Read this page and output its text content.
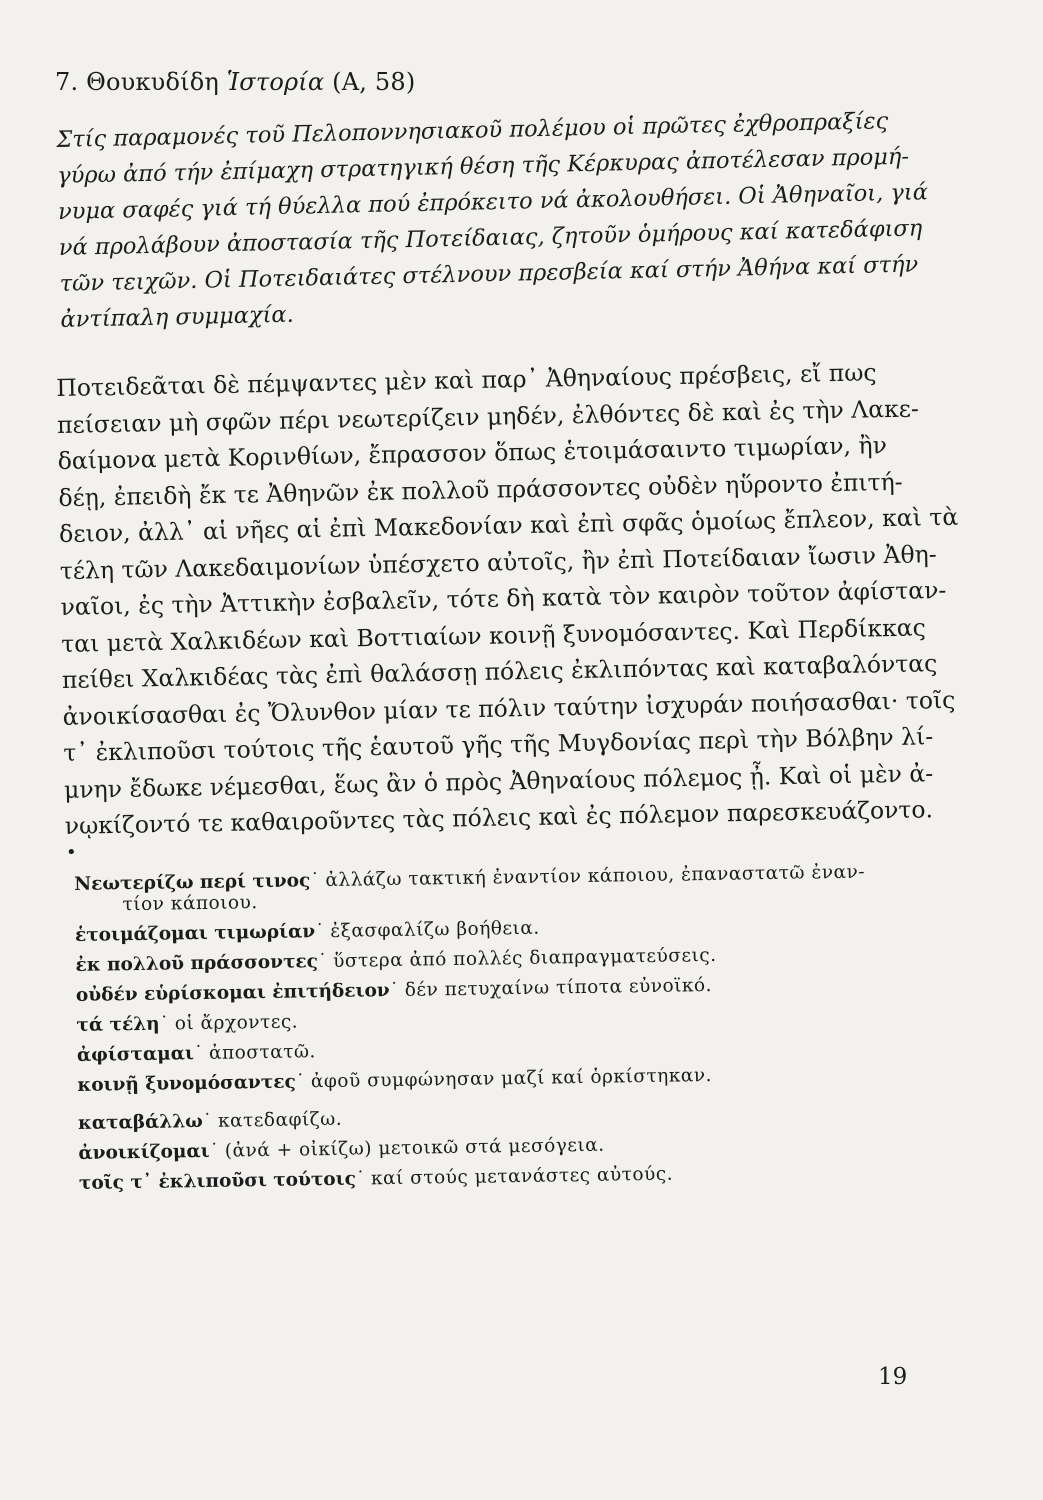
7. Θουκυδίδη Ἱστορία (Α, 58)
Στίς παραμονές τοῦ Πελοποννησιακοῦ πολέμου οἱ πρῶτες ἐχθροπραξίες
γύρω ἀπό τήν ἐπίμαχη στρατηγική θέση τῆς Κέρκυρας ἀποτέλεσαν προμή-
νυμα σαφές γιά τή θύελλα πού ἐπρόκειτο νά ἀκολουθήσει. Οἱ Ἀθηναῖοι, γιά
νά προλάβουν ἀποστασία τῆς Ποτείδαιας, ζητοῦν ὁμήρους καί κατεδάφιση
τῶν τειχῶν. Οἱ Ποτειδαιάτες στέλνουν πρεσβεία καί στήν Ἀθήνα καί στήν
ἀντίπαλη συμμαχία.
Ποτειδεᾶται δὲ πέμψαντες μὲν καὶ παρ᾽ Ἀθηναίους πρέσβεις, εἴ πως
πείσειαν μὴ σφῶν πέρι νεωτερίζειν μηδέν, ἐλθόντες δὲ καὶ ἐς τὴν Λακε-
δαίμονα μετὰ Κορινθίων, ἔπρασσον ὅπως ἑτοιμάσαιντο τιμωρίαν, ἢν
δέῃ, ἐπειδὴ ἔκ τε Ἀθηνῶν ἐκ πολλοῦ πράσσοντες οὐδὲν ηὕροντο ἐπιτή-
δειον, ἀλλ᾽ αἱ νῆες αἱ ἐπὶ Μακεδονίαν καὶ ἐπὶ σφᾶς ὁμοίως ἔπλεον, καὶ τὰ
τέλη τῶν Λακεδαιμονίων ὑπέσχετο αὐτοῖς, ἢν ἐπὶ Ποτείδαιαν ἴωσιν Ἀθη-
ναῖοι, ἐς τὴν Ἀττικὴν ἐσβαλεῖν, τότε δὴ κατὰ τὸν καιρὸν τοῦτον ἀφίσταν-
ται μετὰ Χαλκιδέων καὶ Βοττιαίων κοινῇ ξυνομόσαντες. Καὶ Περδίκκας
πείθει Χαλκιδέας τὰς ἐπὶ θαλάσσῃ πόλεις ἐκλιπόντας καὶ καταβαλόντας
ἀνοικίσασθαι ἐς Ὄλυνθον μίαν τε πόλιν ταύτην ἰσχυράν ποιήσασθαι· τοῖς
τ᾽ ἐκλιποῦσι τούτοις τῆς ἑαυτοῦ γῆς τῆς Μυγδονίας περὶ τὴν Βόλβην λί-
μνην ἔδωκε νέμεσθαι, ἕως ἂν ὁ πρὸς Ἀθηναίους πόλεμος ᾖ. Καὶ οἱ μὲν ἀ-
νῳκίζοντό τε καθαιροῦντες τὰς πόλεις καὶ ἐς πόλεμον παρεσκευάζοντο.
•
Νεωτερίζω περί τινος˙ ἀλλάζω τακτική ἐναντίον κάποιου, ἐπαναστατῶ ἐναν-
τίον κάποιου.
ἑτοιμάζομαι τιμωρίαν˙ ἐξασφαλίζω βοήθεια.
ἐκ πολλοῦ πράσσοντες˙ ὕστερα ἀπό πολλές διαπραγματεύσεις.
οὐδέν εὑρίσκομαι ἐπιτήδειον˙ δέν πετυχαίνω τίποτα εὐνοϊκό.
τά τέλη˙ οἱ ἄρχοντες.
ἀφίσταμαι˙ ἀποστατῶ.
κοινῇ ξυνομόσαντες˙ ἀφοῦ συμφώνησαν μαζί καί ὁρκίστηκαν.
καταβάλλω˙ κατεδαφίζω.
ἀνοικίζομαι˙ (ἀνά + οἰκίζω) μετοικῶ στά μεσόγεια.
τοῖς τ᾽ ἐκλιποῦσι τούτοις˙ καί στούς μετανάστες αὐτούς.
19
